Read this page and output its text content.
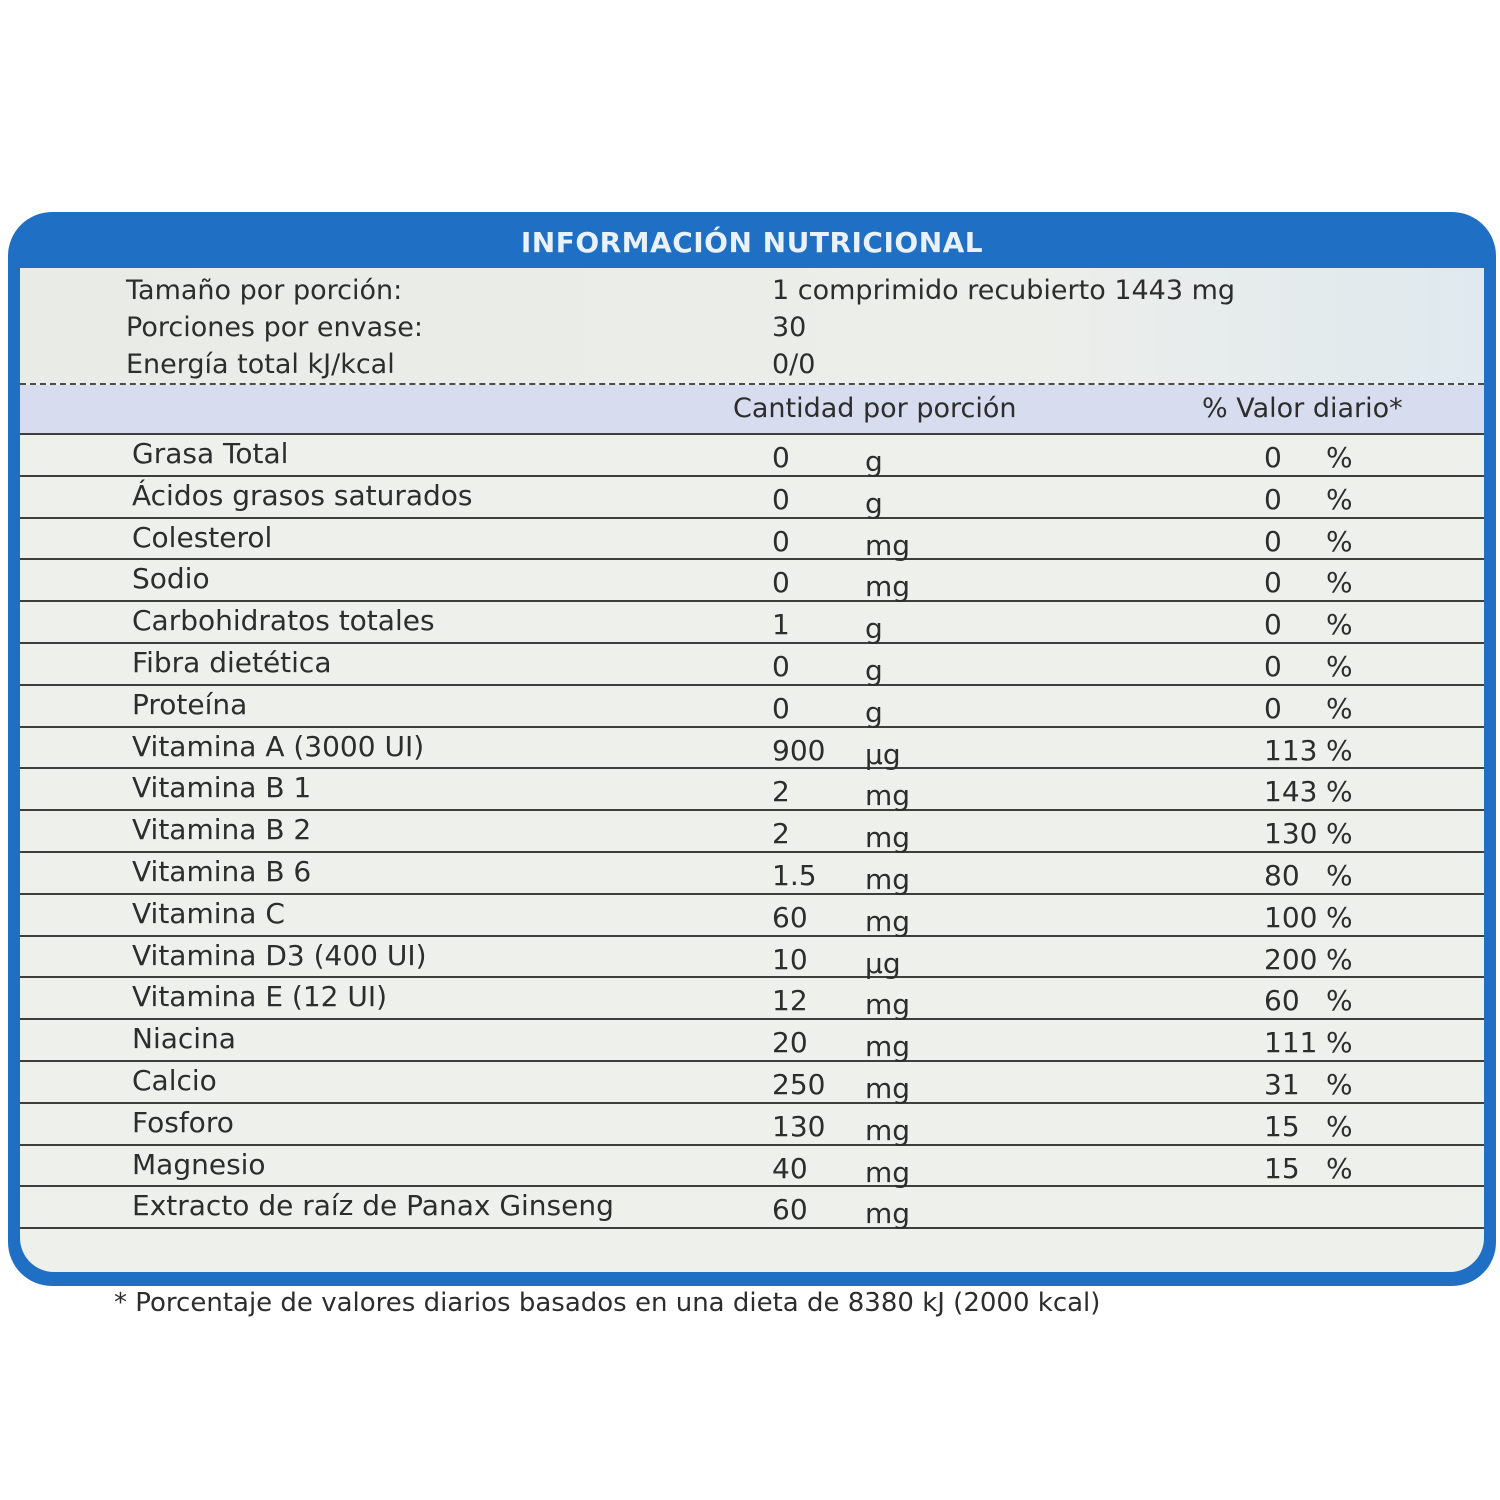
INFORMACIÓN NUTRICIONAL
Tamaño por porción:	1 comprimido recubierto 1443 mg
Porciones por envase:	30
Energía total kJ/kcal	0/0
Cantidad por porción	% Valor diario*
Grasa Total	0	g	0 %
Ácidos grasos saturados	0	g	0 %
Colesterol	0	mg	0 %
Sodio	0	mg	0 %
Carbohidratos totales	1	g	0 %
Fibra dietética	0	g	0 %
Proteína	0	g	0 %
Vitamina A (3000 UI)	900 µg	113 %
Vitamina B 1	2	mg	143 %
Vitamina B 2	2	mg	130 %
Vitamina B 6	1.5 mg	80 %
Vitamina C	60 mg	100 %
Vitamina D3 (400 UI)	10 µg	200 %
Vitamina E (12 UI)	12 mg	60 %
Niacina	20 mg	111 %
Calcio	250 mg	31 %
Fosforo	130 mg	15 %
Magnesio	40 mg	15 %
Extracto de raíz de Panax Ginseng	60 mg
* Porcentaje de valores diarios basados en una dieta de 8380 kJ (2000 kcal)
